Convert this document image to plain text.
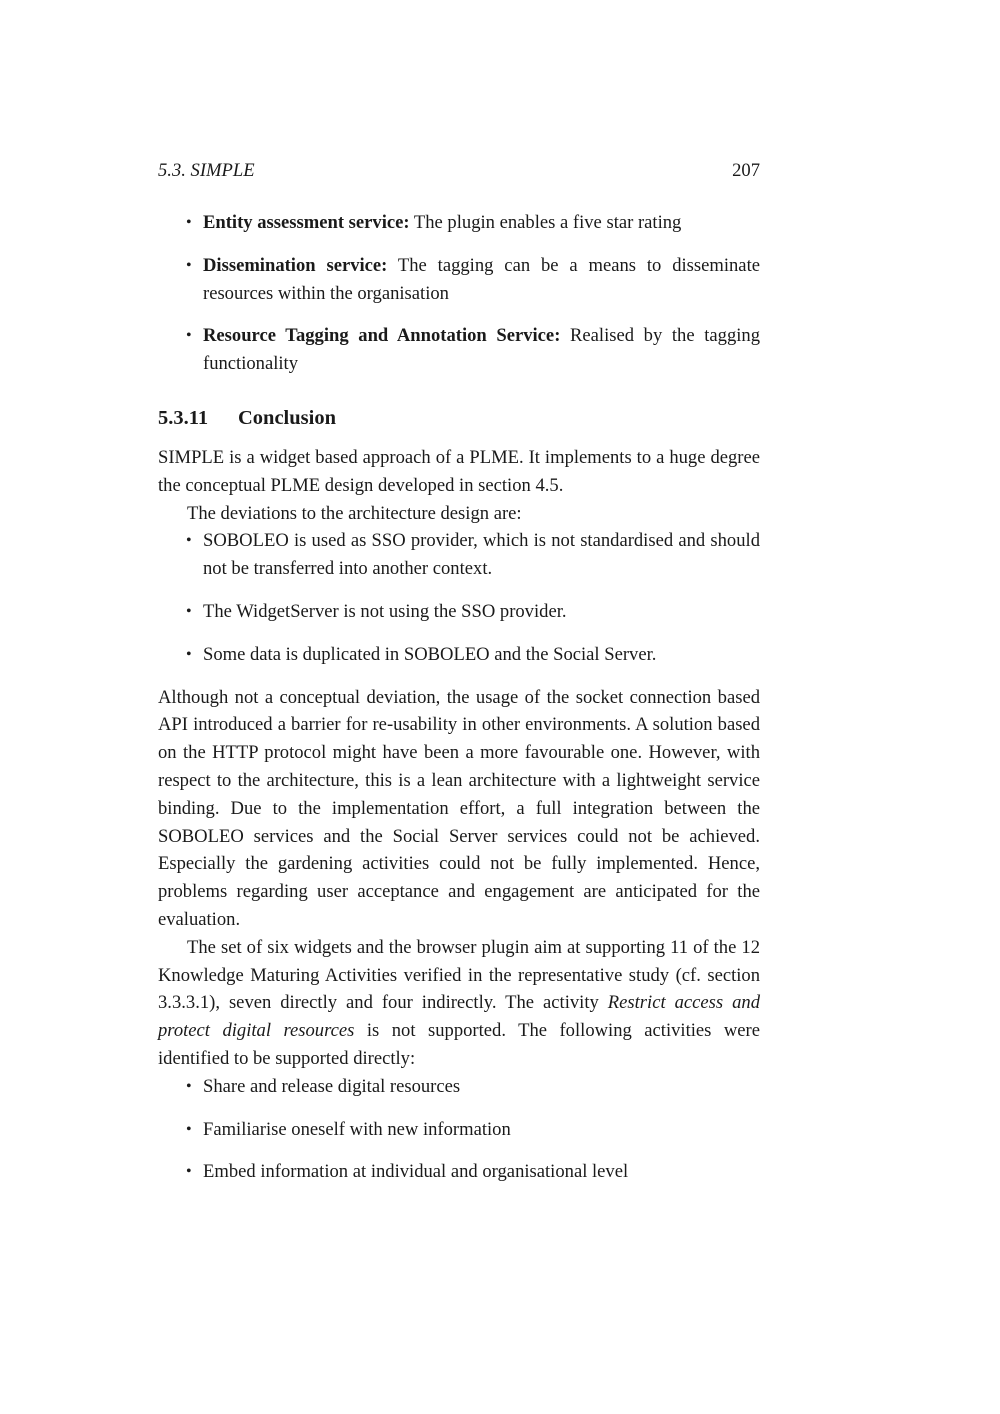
5.3. SIMPLE	207
• Entity assessment service: The plugin enables a five star rating
• Dissemination service: The tagging can be a means to disseminate resources within the organisation
• Resource Tagging and Annotation Service: Realised by the tagging functionality
5.3.11 Conclusion

SIMPLE is a widget based approach of a PLME. It implements to a huge degree the conceptual PLME design developed in section 4.5.

The deviations to the architecture design are:

• SOBOLEO is used as SSO provider, which is not standardised and should not be transferred into another context.
• The WidgetServer is not using the SSO provider.
• Some data is duplicated in SOBOLEO and the Social Server.

Although not a conceptual deviation, the usage of the socket connection based API introduced a barrier for re-usability in other environments. A solution based on the HTTP protocol might have been a more favourable one. However, with respect to the architecture, this is a lean architecture with a lightweight service binding. Due to the implementation effort, a full integration between the SOBOLEO services and the Social Server services could not be achieved. Especially the gardening activities could not be fully implemented. Hence, problems regarding user acceptance and engagement are anticipated for the evaluation.

The set of six widgets and the browser plugin aim at supporting 11 of the 12 Knowledge Maturing Activities verified in the representative study (cf. section 3.3.3.1), seven directly and four indirectly. The activity Restrict access and protect digital resources is not supported. The following activities were identified to be supported directly:

• Share and release digital resources
• Familiarise oneself with new information
• Embed information at individual and organisational level
